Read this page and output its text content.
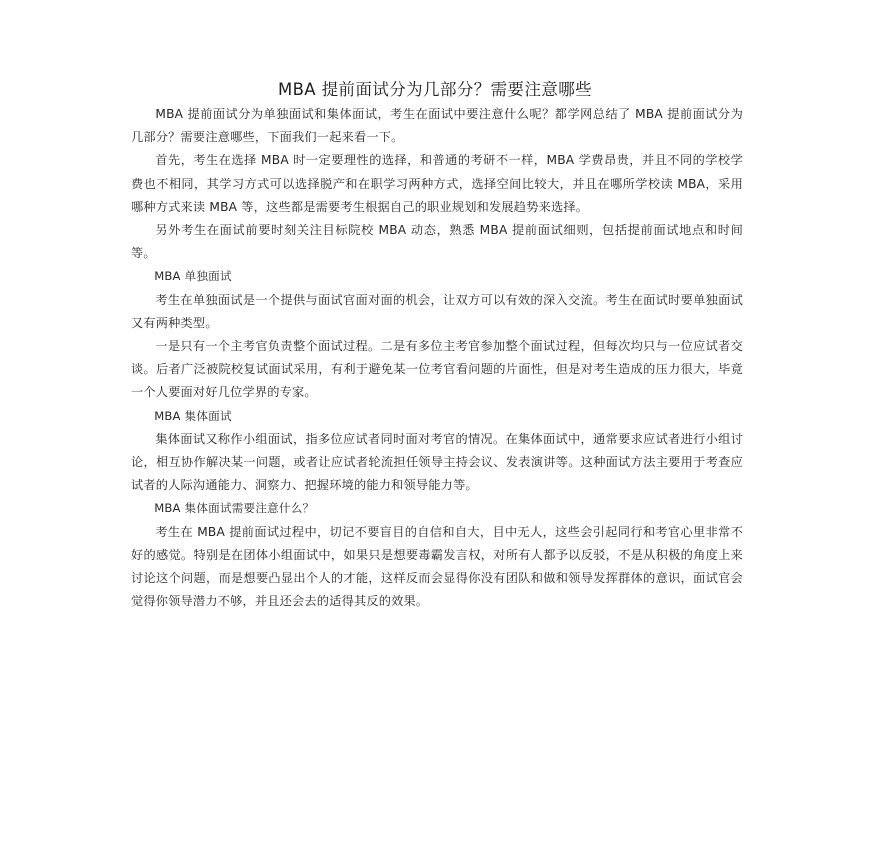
MBA 提前面试分为几部分？需要注意哪些

MBA 提前面试分为单独面试和集体面试，考生在面试中要注意什么呢？都学网总结了 MBA 提前面试分为几部分？需要注意哪些，下面我们一起来看一下。

首先，考生在选择 MBA 时一定要理性的选择，和普通的考研不一样，MBA 学费昂贵，并且不同的学校学费也不相同，其学习方式可以选择脱产和在职学习两种方式，选择空间比较大，并且在哪所学校读 MBA，采用哪种方式来读 MBA 等，这些都是需要考生根据自己的职业规划和发展趋势来选择。

另外考生在面试前要时刻关注目标院校 MBA 动态，熟悉 MBA 提前面试细则，包括提前面试地点和时间等。

MBA 单独面试

考生在单独面试是一个提供与面试官面对面的机会，让双方可以有效的深入交流。考生在面试时要单独面试又有两种类型。

一是只有一个主考官负责整个面试过程。二是有多位主考官参加整个面试过程，但每次均只与一位应试者交谈。后者广泛被院校复试面试采用，有利于避免某一位考官看问题的片面性，但是对考生造成的压力很大，毕竟一个人要面对好几位学界的专家。

MBA 集体面试

集体面试又称作小组面试，指多位应试者同时面对考官的情况。在集体面试中，通常要求应试者进行小组讨论，相互协作解决某一问题，或者让应试者轮流担任领导主持会议、发表演讲等。这种面试方法主要用于考查应试者的人际沟通能力、洞察力、把握环境的能力和领导能力等。

MBA 集体面试需要注意什么？

考生在 MBA 提前面试过程中，切记不要盲目的自信和自大，目中无人，这些会引起同行和考官心里非常不好的感觉。特别是在团体小组面试中，如果只是想要毒霸发言权，对所有人都予以反驳，不是从积极的角度上来讨论这个问题，而是想要凸显出个人的才能，这样反而会显得你没有团队和做和领导发挥群体的意识，面试官会觉得你领导潜力不够，并且还会去的适得其反的效果。
